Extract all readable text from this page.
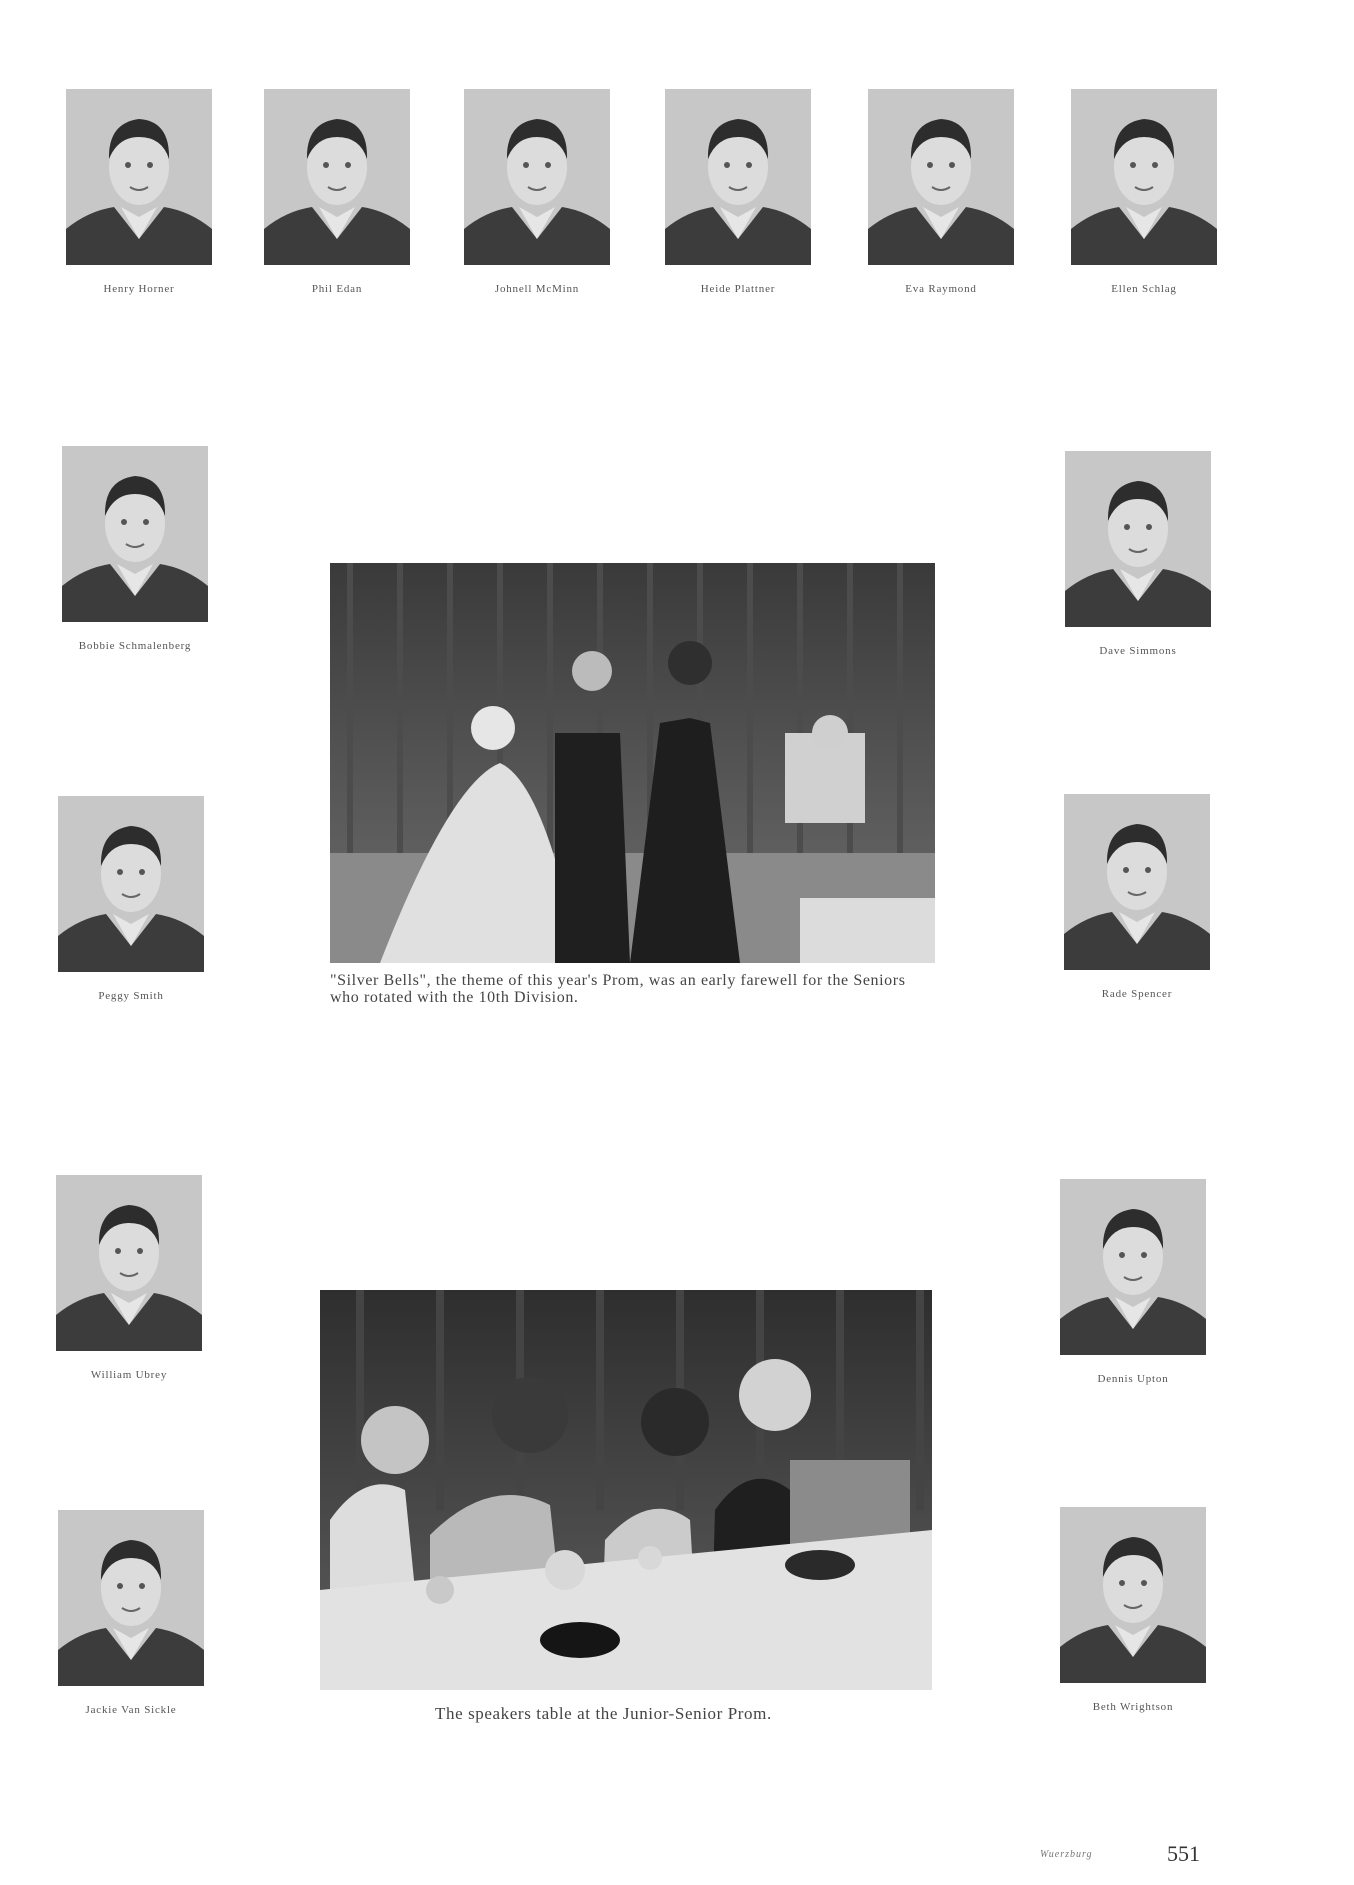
Henry Horner	Phil Edan	Johnell McMinn	Heide Plattner	Eva Raymond	Ellen Schlag
Bobbie Schmalenberg
Peggy Smith
William Ubrey
Jackie Van Sickle
Dave Simmons
Rade Spencer
Dennis Upton
Beth Wrightson
"Silver Bells", the theme of this year's Prom, was an early farewell for the Seniors who rotated with the 10th Division.
The speakers table at the Junior-Senior Prom.
Wuerzburg	551
